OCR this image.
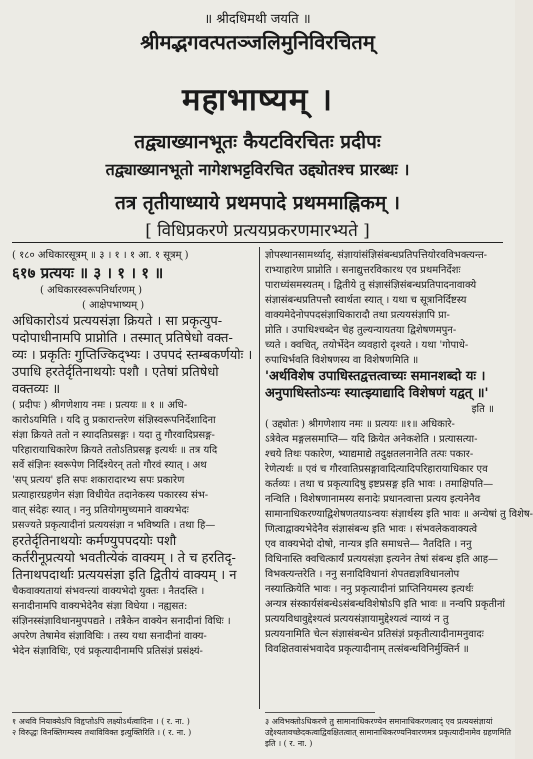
॥ श्रीदधिमथी जयति ॥
श्रीमद्भगवत्पतञ्जलिमुनिविरचितम्
महाभाष्यम् ।
तद्व्याख्यानभूतः कैयटविरचितः प्रदीपः
तद्व्याख्यानभूतो नागेशभट्टविरचित उद्द्योतश्च प्रारब्धः ।
तत्र तृतीयाध्याये प्रथमपादे प्रथममाह्निकम् ।
[ विधिप्रकरणे प्रत्ययप्रकरणमारभ्यते ]
( १८० अधिकारसूत्रम् ॥ ३ । १ । १ आ. १ सूत्रम् )
६१७ प्रत्ययः ॥ ३ । १ । १ ॥
( अधिकारस्वरूपनिर्धारणम् )
( आक्षेपभाष्यम् )
अधिकारोऽयं प्रत्ययसंज्ञा क्रियते । सा प्रकृत्युप-
पदोपाधीनामपि प्राप्नोति । तस्मात् प्रतिषेधो वक्त-
व्यः । प्रकृतिः गुप्तिज्किद्भ्यः । उपपदं स्तम्बकर्णयोः ।
उपाधि हरतेर्दृतिनाथयोः पशौ । एतेषां प्रतिषेधो
वक्तव्यः ॥
( प्रदीपः ) श्रीगणेशाय नमः । प्रत्ययः ॥ १ ॥ अधि-
कारोऽयमिति । यदि तु प्रकारान्तरेण संज्ञिस्वरूपनिर्देशादिना
संज्ञा क्रियते ततो न स्यादतिप्रसङ्गः । यदा तु गौरवादिप्रसङ्ग-
परिहारायाधिकारेण क्रियते ततोऽतिप्रसङ्ग इत्यर्थः ॥ तत्र यदि
सर्वे संज्ञिनः स्वरूपेण निर्दिश्येरन् ततो गौरवं स्यात् । अथ
'सप् प्रत्यय' इति सपः शकारादारभ्य सपः प्रकारेण
प्रत्याहारग्रहणेन संज्ञा विधीयेत तदानेकस्य पकारस्य संभ-
वात् संदेहः स्यात् । ननु प्रतियोगमुच्यमाने वाक्यभेदः
प्रसज्यते प्रकृत्यादीनां प्रत्ययसंज्ञा न भविष्यति । तथा हि—
हरतेर्दृतिनाथयोः कर्मण्युपपदयोः पशौ
कर्तरीनूप्रत्ययो भवतीत्येकं वाक्यम् । ते च हरतिदृ-
तिनाथपदार्थाः प्रत्ययसंज्ञा इति द्वितीयं वाक्यम् । न
चैकवाक्यतायां संभवन्त्यां वाक्यभेदो युक्तः । नैतदस्ति ।
सनादीनामपि वाक्यभेदेनैव संज्ञा विधेया । नह्यसत:
संज्ञिनस्संज्ञाविधानमुपपद्यते । तत्रैकेन वाक्येन सनादीनां विधिः ।
अपरेण तेषामेव संज्ञाविधिः । तस्य यथा सनादीनां वाक्य-
भेदेन संज्ञाविधिः, एवं प्रकृत्यादीनामपि प्रतिसंज्ञं प्रसंक्ष्यं-
ज्ञोपस्थानसामर्थ्याद्, संज्ञायांसंज्ञिसंबन्धप्रतिपत्तियोरवविभक्त्यन्त-
राभ्याहारेण प्राप्नोति । सनाद्युत्तरविकारथ एव प्रथमनिर्देशः
पाराध्यंसमस्यतम् । द्वितीये तु संज्ञासंज्ञिसंबन्धप्रतिपादनावाक्ये
संज्ञासंबन्धप्रतिपत्तौ स्वार्थता स्यात् । यथा च सूत्रानिर्दिष्टस्य
वाक्यमेदेनोपपदसंज्ञाधिकारादौ तथा प्रत्ययसंज्ञापि प्रा-
प्नोति । उपाधिश्चब्देन चेह तुल्यन्यायतया द्विशेषणमपुन-
च्यते । क्वचित्, तयोर्भेदेन व्यवहारो दृश्यते । यथा 'गोपाधे-
रुपाधिर्भवति विशेषणस्य वा विशेषणमिति ॥
'अर्थविशेष उपाधिस्तद्वत्तत्वाच्यः समानशब्दो यः ।
अनुपाधिस्तोऽन्यः स्यात्झ्याद्यादि विशेषणं यद्वत् ॥'
इति ॥
( उद्द्योतः ) श्रीगणेशाय नमः ॥ प्रत्ययः ॥१॥ अधिकारे-
ऽत्रेवेत्व मङ्गलसमाप्ति— यदि क्रियेत अनेकशेति । प्रत्यासत्या-
श्चये तिथः पकारेण, भ्याद्यमाद्ये तदुक्षतलनानेति तत्पः पकार-
रेणेत्यर्थः ॥ एवं च गौरवातिप्रसङ्गावादित्यादिपरिहारायाधिकार एव
कर्तव्यः । तथा च प्रकृत्यादिषु इष्टप्रसङ्ग इति भावः । तमाक्षिपति—
नन्विति । विशेषणानामस्य सनादेः प्रधानत्वात्ता प्रत्यय इत्यनेनैव
सामानाधिकरण्याद्विशेषणतयाऽन्वयः संज्ञार्थस्य इति भावः ॥ अन्येषां तु विशेष-
णित्वाद्वाक्यभेदेनैव संज्ञासंबन्ध इति भावः । संभवलेकवाक्यत्वे
एव वाक्यभेदो दोषो, नान्यत्र इति समाधत्ते— नैतदिति । ननु
विधिनास्ति क्वचित्कार्यं प्रत्ययसंज्ञा इत्यनेन तेषां संबन्ध इति आह—
विभक्त्यन्तरेति । ननु सनादिविधानां शेपतद्यज्ञविधानलोप
नस्यात्क्रियेति भावः । ननु प्रकृत्यादीनां प्राप्तिनियमस्य इत्यर्थः
अन्यत्र संस्कार्यसंबन्धेऽसंबन्धविशेषोऽपि इति भावः ॥ नन्वपि प्रकृतीनां
प्रत्ययविधावुद्देश्यत्वं प्रत्ययसंज्ञायामुद्देश्यत्वं न्याय्यं न तु
प्रत्ययनामिति चेत्न संज्ञासंबन्धेन प्रतिसंज्ञं प्रकृतीत्यादीनामनुवादः
विवक्षितवासंभवादेव प्रकृत्यादीनाम् तत्संबन्धविनिर्मुक्तिर्न ॥
१ अथवि नियाक्येऽपि विहृप्तोऽपि लक्ष्योऽर्थत्वादिना । ( र. ना. )
२ विरुद्धः विनक्तिगम्यस्य तथाविविक्त इत्युक्तिरिति । ( र. ना. )
३ अविभक्तोऽधिकरणे तु सामानाधिकरण्येन समानाधिकरणत्वाद् एव प्रत्ययसंज्ञायां
उद्देश्यतावच्छेदकत्वाद्विवक्षितत्वात् सामानाधिकरण्यनिवारणमत्र प्रकृत्यादीनामेव ग्रहणमिति
इति । ( र. ना. )
